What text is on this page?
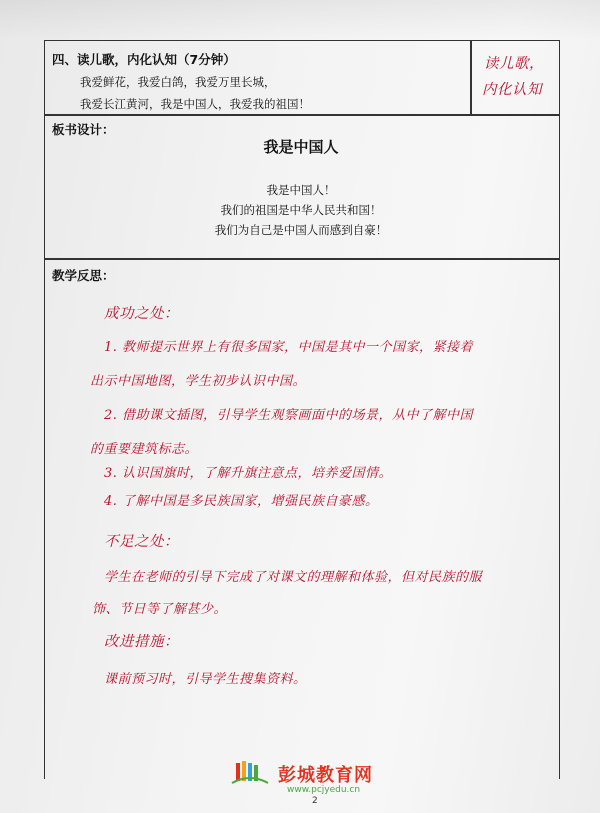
四、读儿歌，内化认知（7分钟）
我爱鲜花，我爱白鸽，我爱万里长城，
我爱长江黄河，我是中国人，我爱我的祖国！
读儿歌，
内化认知
板书设计：
我是中国人
我是中国人！
我们的祖国是中华人民共和国！
我们为自己是中国人而感到自豪！
教学反思：
成功之处：
1. 教师提示世界上有很多国家，中国是其中一个国家，紧接着
出示中国地图，学生初步认识中国。
2. 借助课文插图，引导学生观察画面中的场景，从中了解中国
的重要建筑标志。
3. 认识国旗时，了解升旗注意点，培养爱国情。
4. 了解中国是多民族国家，增强民族自豪感。
不足之处：
学生在老师的引导下完成了对课文的理解和体验，但对民族的服
饰、节日等了解甚少。
改进措施：
课前预习时，引导学生搜集资料。
彭城教育网
www.pcjyedu.cn
2
